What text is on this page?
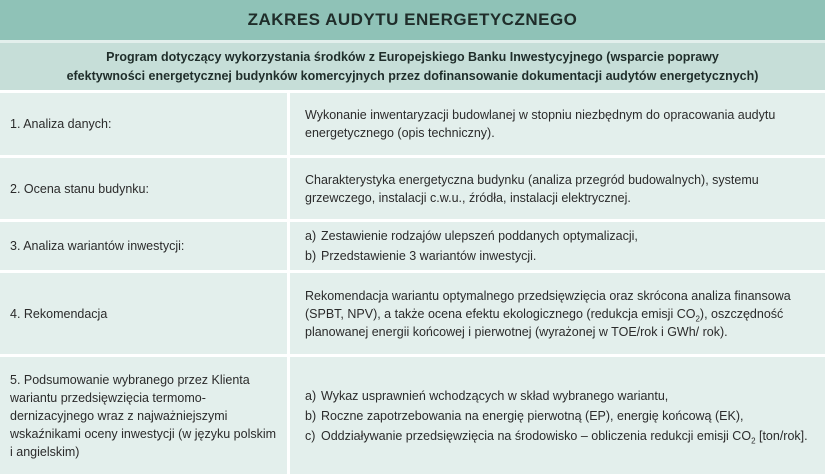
ZAKRES AUDYTU ENERGETYCZNEGO
Program dotyczący wykorzystania środków z Europejskiego Banku Inwestycyjnego (wsparcie poprawy
efektywności energetycznej budynków komercyjnych przez dofinansowanie dokumentacji audytów energetycznych)
1. Analiza danych:
Wykonanie inwentaryzacji budowlanej w stopniu niezbędnym do opracowania audytu energetycznego (opis techniczny).
2. Ocena stanu budynku:
Charakterystyka energetyczna budynku (analiza przegród budowalnych), systemu grzewczego, instalacji c.w.u., źródła, instalacji elektrycznej.
3. Analiza wariantów inwestycji:
a) Zestawienie rodzajów ulepszeń poddanych optymalizacji,
b) Przedstawienie 3 wariantów inwestycji.
4. Rekomendacja
Rekomendacja wariantu optymalnego przedsięwzięcia oraz skrócona analiza finansowa (SPBT, NPV), a także ocena efektu ekologicznego (redukcja emisji $CO_2$), oszczędność planowanej energii końcowej i pierwotnej (wyrażonej w TOE/rok i GWh/ rok).
5. Podsumowanie wybranego przez Klienta wariantu przedsięwzięcia termomo-dernizacyjnego wraz z najważniejszymi wskaźnikami oceny inwestycji (w języku polskim i angielskim)
a) Wykaz usprawnień wchodzących w skład wybranego wariantu,
b) Roczne zapotrzebowania na energię pierwotną (EP), energię końcową (EK),
c) Oddziaływanie przedsięwzięcia na środowisko – obliczenia redukcji emisji $CO_2$ [ton/rok].
